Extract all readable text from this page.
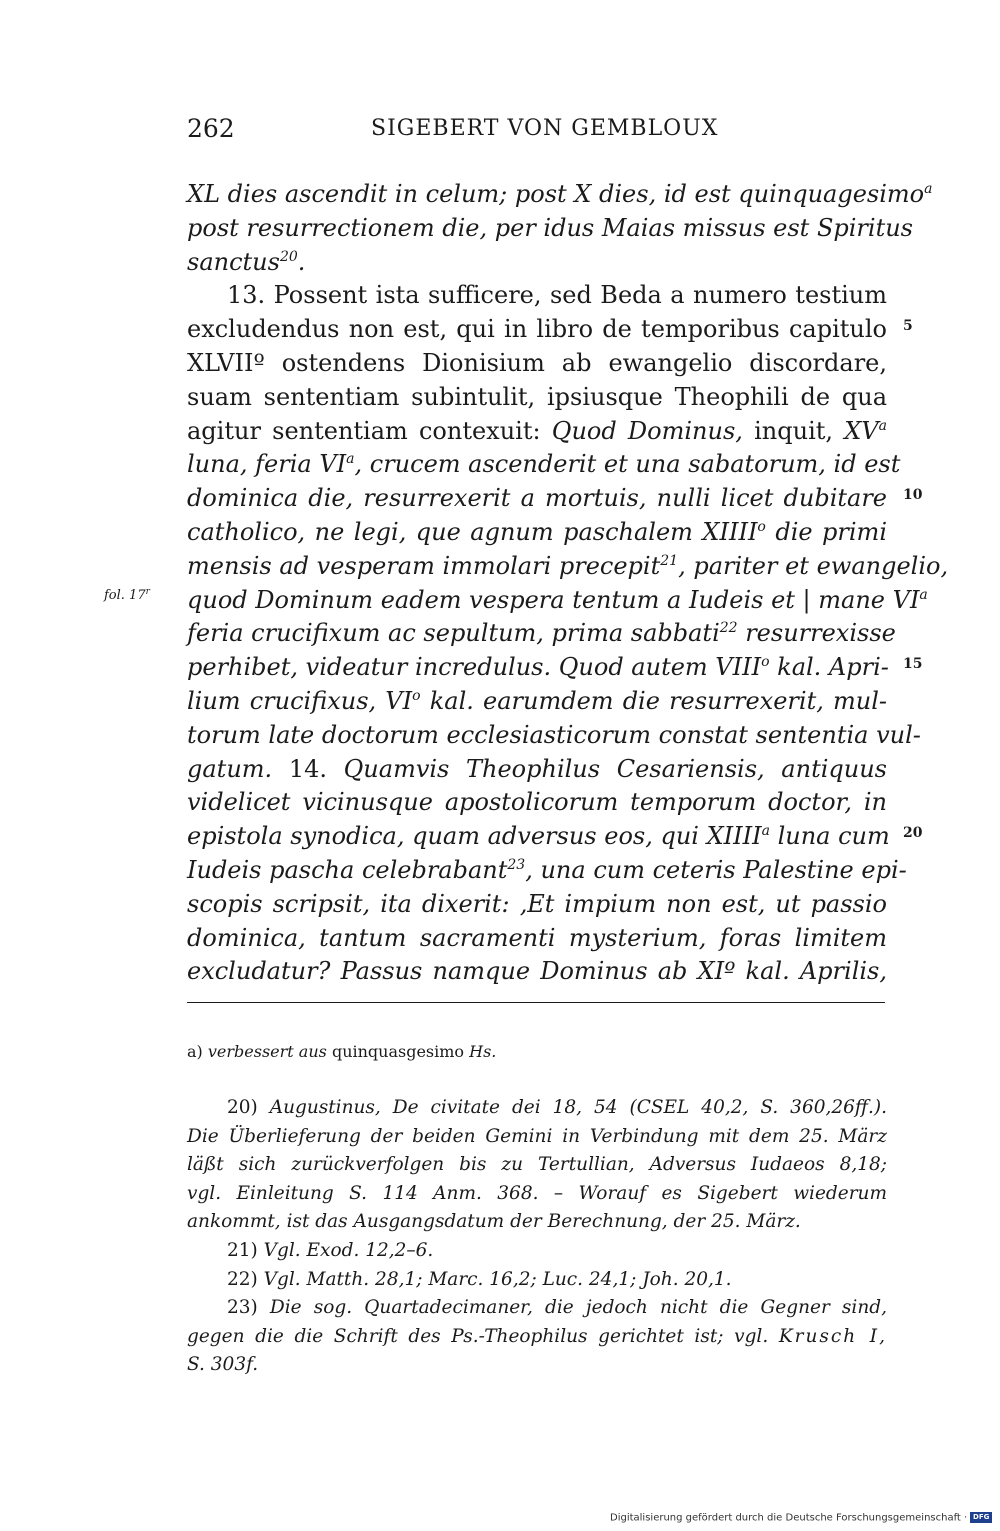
262	SIGEBERT VON GEMBLOUX
XL dies ascendit in celum; post X dies, id est quinquagesimo$^a$
post resurrectionem die, per idus Maias missus est Spiritus
sanctus$^{20}$.
13. Possent ista sufficere, sed Beda a numero testium
excludendus non est, qui in libro de temporibus capitulo
XLVIIº ostendens Dionisium ab ewangelio discordare,
suam sententiam subintulit, ipsiusque Theophili de qua
agitur sententiam contexuit: Quod Dominus, inquit, $XV^a$
luna, feria $VI^a$, crucem ascenderit et una sabatorum, id est
dominica die, resurrexerit a mortuis, nulli licet dubitare
catholico, ne legi, que agnum paschalem XIIII$^o$ die primi
mensis ad vesperam immolari precepit$^{21}$, pariter et ewangelio,
quod Dominum eadem vespera tentum a Iudeis et | mane $VI^a$
feria crucifixum ac sepultum, prima sabbati$^{22}$ resurrexisse
perhibet, videatur incredulus. Quod autem VIII$^o$ kal. Apri-
lium crucifixus, $VI^o$ kal. earumdem die resurrexerit, mul-
torum late doctorum ecclesiasticorum constat sententia vul-
gatum. 14. Quamvis Theophilus Cesariensis, antiquus
videlicet vicinusque apostolicorum temporum doctor, in
epistola synodica, quam adversus eos, qui XIIII$^a$ luna cum
Iudeis pascha celebrabant$^{23}$, una cum ceteris Palestine epi-
scopis scripsit, ita dixerit: ‚Et impium non est, ut passio
dominica, tantum sacramenti mysterium, foras limitem
excludatur? Passus namque Dominus ab XIº kal. Aprilis,
5
10
15
20
fol. 17$^r$
a) verbessert aus quinquasgesimo Hs.
20) Augustinus, De civitate dei 18, 54 (CSEL 40,2, S. 360,26ff.).
Die Überlieferung der beiden Gemini in Verbindung mit dem 25. März
läßt sich zurückverfolgen bis zu Tertullian, Adversus Iudaeos 8,18;
vgl. Einleitung S. 114 Anm. 368. – Worauf es Sigebert wiederum
ankommt, ist das Ausgangsdatum der Berechnung, der 25. März.
21) Vgl. Exod. 12,2–6.
22) Vgl. Matth. 28,1; Marc. 16,2; Luc. 24,1; Joh. 20,1.
23) Die sog. Quartadecimaner, die jedoch nicht die Gegner sind,
gegen die die Schrift des Ps.-Theophilus gerichtet ist; vgl. Krusch I,
S. 303f.
Digitalisierung gefördert durch die Deutsche Forschungsgemeinschaft · DFG
